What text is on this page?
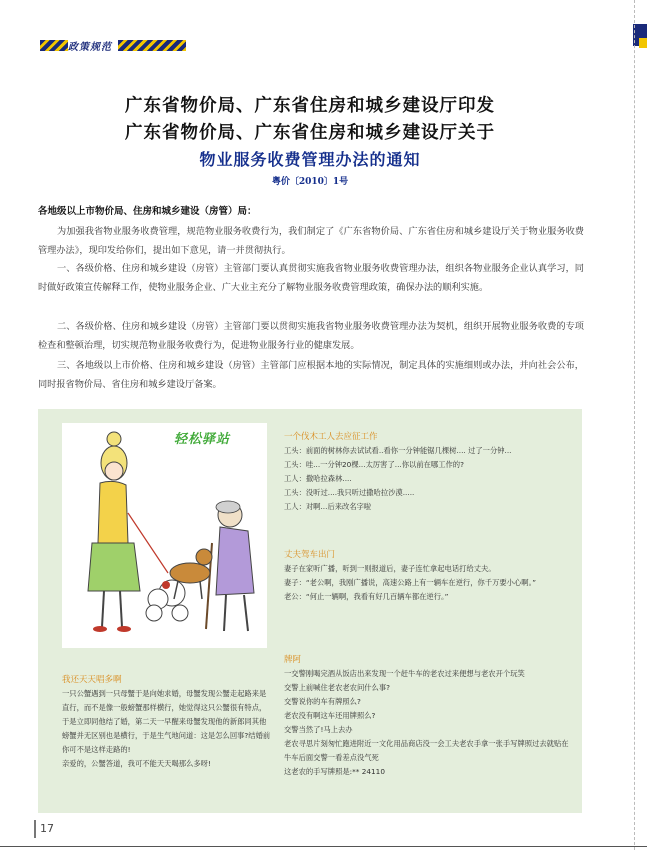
政策规范
广东省物价局、广东省住房和城乡建设厅印发
广东省物价局、广东省住房和城乡建设厅关于
物业服务收费管理办法的通知
粤价〔2010〕1号
各地级以上市物价局、住房和城乡建设（房管）局：
为加强我省物业服务收费管理，规范物业服务收费行为，我们制定了《广东省物价局、广东省住房和城乡建设厅关于物业服务收费管理办法》，现印发给你们，提出如下意见，请一并贯彻执行。
一、各级价格、住房和城乡建设（房管）主管部门要认真贯彻实施我省物业服务收费管理办法，组织各物业服务企业认真学习，同时做好政策宣传解释工作，使物业服务企业、广大业主充分了解物业服务收费管理政策，确保办法的顺利实施。
二、各级价格、住房和城乡建设（房管）主管部门要以贯彻实施我省物业服务收费管理办法为契机，组织开展物业服务收费的专项检查和整顿治理，切实规范物业服务收费行为，促进物业服务行业的健康发展。
三、各地级以上市价格、住房和城乡建设（房管）主管部门应根据本地的实际情况，制定具体的实施细则或办法，并向社会公布，同时报省物价局、省住房和城乡建设厅备案。
轻松驿站	一个伐木工人去应征工作
工头：前面的树林你去试试看..看你一分钟能锯几棵树.... 过了一分钟...
工头：哇...一分钟20棵...太厉害了...你以前在哪工作的?
工人：撒哈拉森林....
工头：没听过....我只听过撒哈拉沙漠.....
工人：对啊...后来改名字啦
丈夫驾车出门
妻子在家听广播，听到一则报道后，妻子连忙拿起电话打给丈夫。
妻子：“老公啊，我刚广播说，高速公路上有一辆车在逆行，你千万要小心啊。”
老公：“何止一辆啊，我看有好几百辆车都在逆行。”
牌阿
一交警刚喝完酒从饭店出来发现一个赶牛车的老农过来便想与老农开个玩笑
交警上前喊住老农老农问什么事?
交警说你的车有牌照么?
老农没有啊这车还用牌照么?
交警当然了!马上去办
老农寻思片刻匆忙跑进附近一文化用品商店没一会工夫老农手拿一张手写牌照过去就贴在牛车后面交警一看差点没气死
这老农的手写牌照是:** 24110
我还天天唱多啊
一只公蟹遇到一只母蟹于是向她求婚，母蟹发现公蟹走起路来是直行，而不是像一般螃蟹那样横行，她觉得这只公蟹很有特点，于是立即同他结了婚，第二天一早醒来母蟹发现他的新郎同其他螃蟹并无区别也是横行，于是生气地问道：这是怎么回事?结婚前你可不是这样走路的!
亲爱的，公蟹答道，我可不能天天喝那么多呀!
17
